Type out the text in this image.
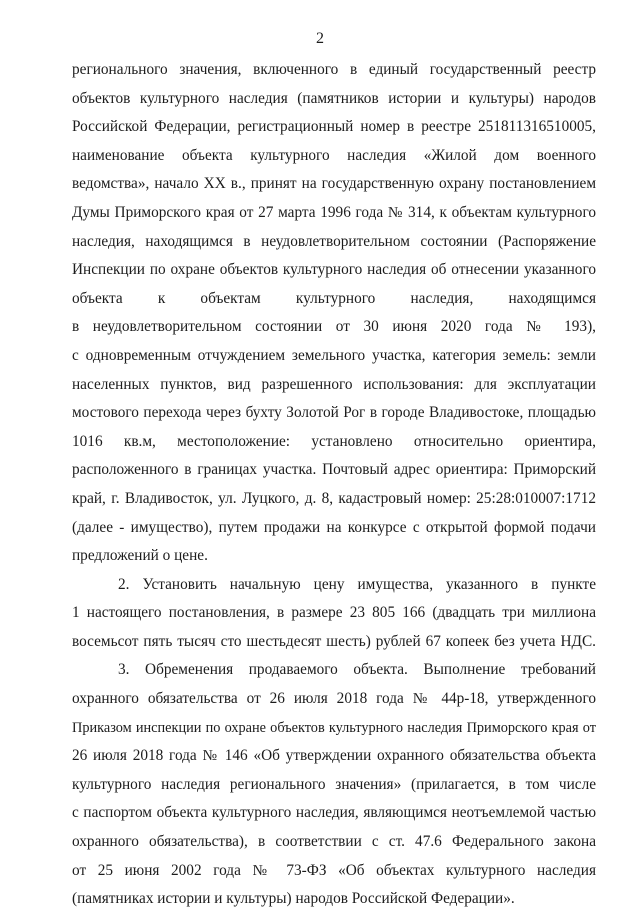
2
регионального значения, включенного в единый государственный реестр
объектов культурного наследия (памятников истории и культуры) народов
Российской Федерации, регистрационный номер в реестре 251811316510005,
наименование объекта культурного наследия «Жилой дом военного
ведомства», начало XX в., принят на государственную охрану постановлением
Думы Приморского края от 27 марта 1996 года № 314, к объектам культурного
наследия, находящимся в неудовлетворительном состоянии (Распоряжение
Инспекции по охране объектов культурного наследия об отнесении указанного
объекта к объектам культурного наследия, находящимся
в неудовлетворительном состоянии от 30 июня 2020 года № 193),
с одновременным отчуждением земельного участка, категория земель: земли
населенных пунктов, вид разрешенного использования: для эксплуатации
мостового перехода через бухту Золотой Рог в городе Владивостоке, площадью
1016 кв.м, местоположение: установлено относительно ориентира,
расположенного в границах участка. Почтовый адрес ориентира: Приморский
край, г. Владивосток, ул. Луцкого, д. 8, кадастровый номер: 25:28:010007:1712
(далее - имущество), путем продажи на конкурсе с открытой формой подачи
предложений о цене.
2. Установить начальную цену имущества, указанного в пункте
1 настоящего постановления, в размере 23 805 166 (двадцать три миллиона
восемьсот пять тысяч сто шестьдесят шесть) рублей 67 копеек без учета НДС.
3. Обременения продаваемого объекта. Выполнение требований
охранного обязательства от 26 июля 2018 года № 44р-18, утвержденного
Приказом инспекции по охране объектов культурного наследия Приморского края от
26 июля 2018 года № 146 «Об утверждении охранного обязательства объекта
культурного наследия регионального значения» (прилагается, в том числе
с паспортом объекта культурного наследия, являющимся неотъемлемой частью
охранного обязательства), в соответствии с ст. 47.6 Федерального закона
от 25 июня 2002 года № 73-ФЗ «Об объектах культурного наследия
(памятниках истории и культуры) народов Российской Федерации».
